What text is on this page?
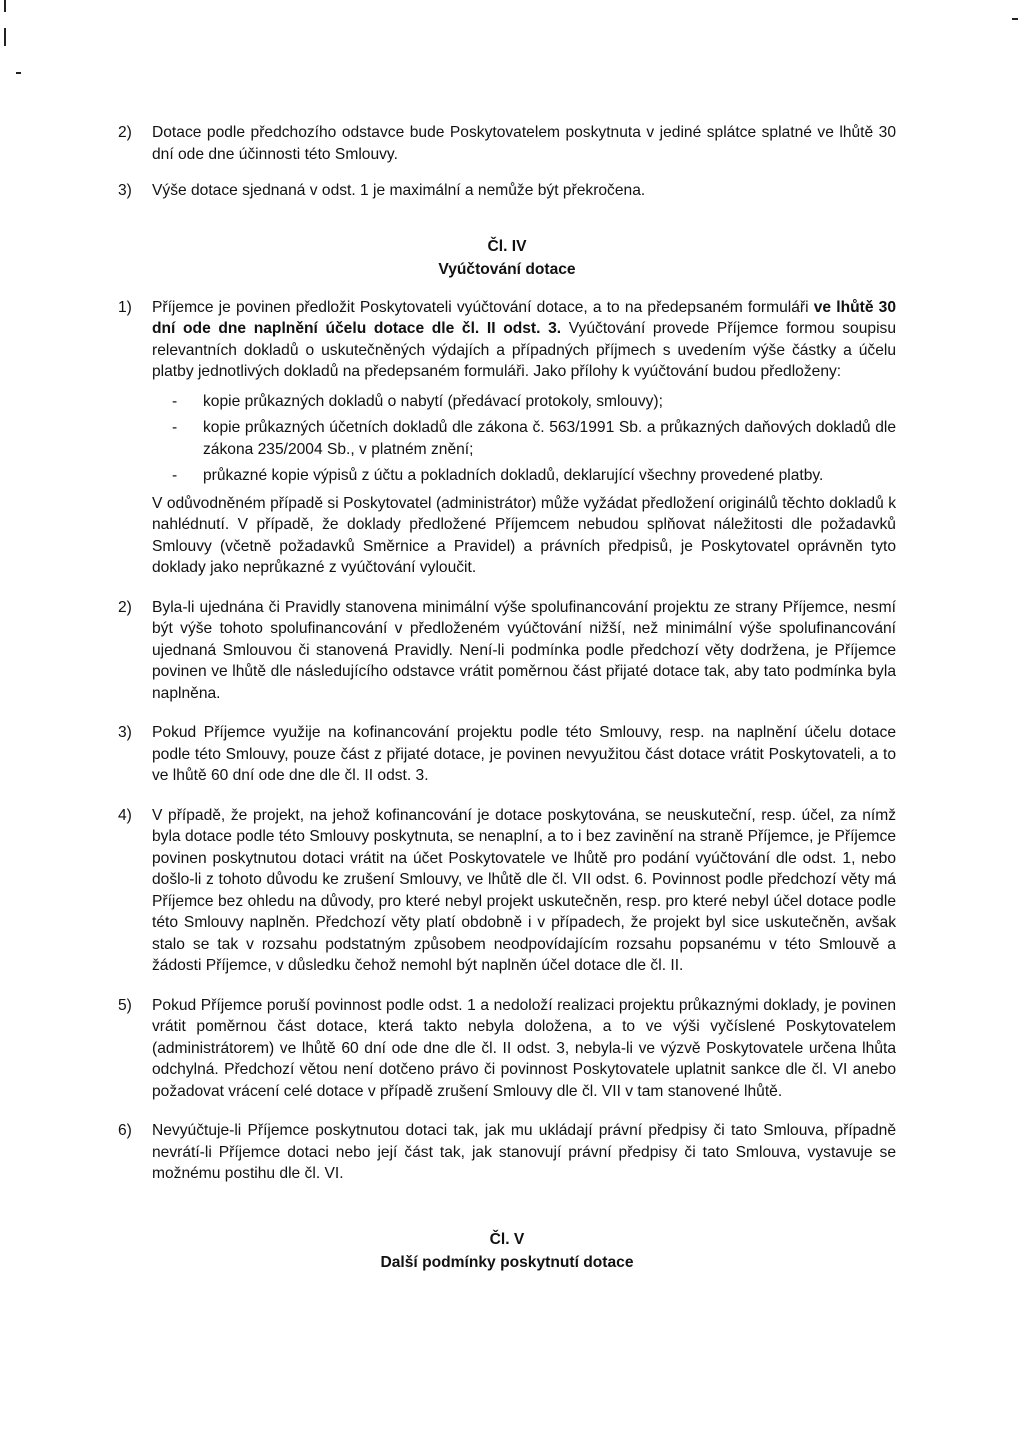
2) Dotace podle předchozího odstavce bude Poskytovatelem poskytnuta v jediné splátce splatné ve lhůtě 30 dní ode dne účinnosti této Smlouvy.
3) Výše dotace sjednaná v odst. 1 je maximální a nemůže být překročena.
Čl. IV
Vyúčtování dotace
1) Příjemce je povinen předložit Poskytovateli vyúčtování dotace, a to na předepsaném formuláři ve lhůtě 30 dní ode dne naplnění účelu dotace dle čl. II odst. 3. Vyúčtování provede Příjemce formou soupisu relevantních dokladů o uskutečněných výdajích a případných příjmech s uvedením výše částky a účelu platby jednotlivých dokladů na předepsaném formuláři. Jako přílohy k vyúčtování budou předloženy:
- kopie průkazných dokladů o nabytí (předávací protokoly, smlouvy);
- kopie průkazných účetních dokladů dle zákona č. 563/1991 Sb. a průkazných daňových dokladů dle zákona 235/2004 Sb., v platném znění;
- průkazné kopie výpisů z účtu a pokladních dokladů, deklarující všechny provedené platby.
V odůvodněném případě si Poskytovatel (administrátor) může vyžádat předložení originálů těchto dokladů k nahlédnutí. V případě, že doklady předložené Příjemcem nebudou splňovat náležitosti dle požadavků Smlouvy (včetně požadavků Směrnice a Pravidel) a právních předpisů, je Poskytovatel oprávněn tyto doklady jako neprůkazné z vyúčtování vyloučit.
2) Byla-li ujednána či Pravidly stanovena minimální výše spolufinancování projektu ze strany Příjemce, nesmí být výše tohoto spolufinancování v předloženém vyúčtování nižší, než minimální výše spolufinancování ujednaná Smlouvou či stanovená Pravidly. Není-li podmínka podle předchozí věty dodržena, je Příjemce povinen ve lhůtě dle následujícího odstavce vrátit poměrnou část přijaté dotace tak, aby tato podmínka byla naplněna.
3) Pokud Příjemce využije na kofinancování projektu podle této Smlouvy, resp. na naplnění účelu dotace podle této Smlouvy, pouze část z přijaté dotace, je povinen nevyužitou část dotace vrátit Poskytovateli, a to ve lhůtě 60 dní ode dne dle čl. II odst. 3.
4) V případě, že projekt, na jehož kofinancování je dotace poskytována, se neuskuteční, resp. účel, za nímž byla dotace podle této Smlouvy poskytnuta, se nenaplní, a to i bez zavinění na straně Příjemce, je Příjemce povinen poskytnutou dotaci vrátit na účet Poskytovatele ve lhůtě pro podání vyúčtování dle odst. 1, nebo došlo-li z tohoto důvodu ke zrušení Smlouvy, ve lhůtě dle čl. VII odst. 6. Povinnost podle předchozí věty má Příjemce bez ohledu na důvody, pro které nebyl projekt uskutečněn, resp. pro které nebyl účel dotace podle této Smlouvy naplněn. Předchozí věty platí obdobně i v případech, že projekt byl sice uskutečněn, avšak stalo se tak v rozsahu podstatným způsobem neodpovídajícím rozsahu popsanému v této Smlouvě a žádosti Příjemce, v důsledku čehož nemohl být naplněn účel dotace dle čl. II.
5) Pokud Příjemce poruší povinnost podle odst. 1 a nedoloží realizaci projektu průkaznými doklady, je povinen vrátit poměrnou část dotace, která takto nebyla doložena, a to ve výši vyčíslené Poskytovatelem (administrátorem) ve lhůtě 60 dní ode dne dle čl. II odst. 3, nebyla-li ve výzvě Poskytovatele určena lhůta odchylná. Předchozí větou není dotčeno právo či povinnost Poskytovatele uplatnit sankce dle čl. VI anebo požadovat vrácení celé dotace v případě zrušení Smlouvy dle čl. VII v tam stanovené lhůtě.
6) Nevyúčtuje-li Příjemce poskytnutou dotaci tak, jak mu ukládají právní předpisy či tato Smlouva, případně nevrátí-li Příjemce dotaci nebo její část tak, jak stanovují právní předpisy či tato Smlouva, vystavuje se možnému postihu dle čl. VI.
Čl. V
Další podmínky poskytnutí dotace
